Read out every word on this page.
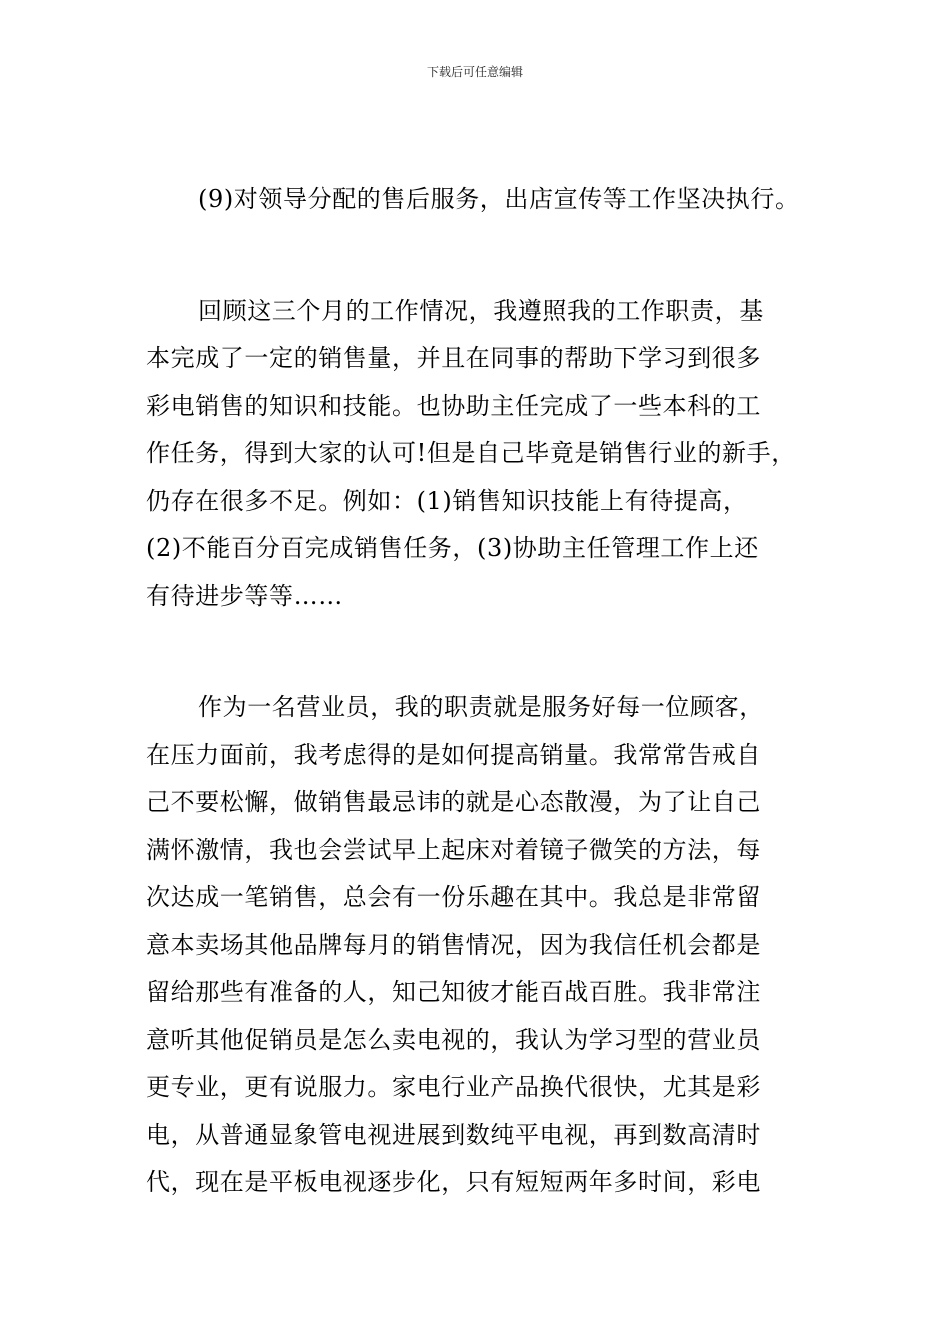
下载后可任意编辑
(9)对领导分配的售后服务，出店宣传等工作坚决执行。
回顾这三个月的工作情况，我遵照我的工作职责，基
本完成了一定的销售量，并且在同事的帮助下学习到很多
彩电销售的知识和技能。也协助主任完成了一些本科的工
作任务，得到大家的认可!但是自己毕竟是销售行业的新手，
仍存在很多不足。例如：(1)销售知识技能上有待提高，
(2)不能百分百完成销售任务，(3)协助主任管理工作上还
有待进步等等……
作为一名营业员，我的职责就是服务好每一位顾客，
在压力面前，我考虑得的是如何提高销量。我常常告戒自
己不要松懈，做销售最忌讳的就是心态散漫，为了让自己
满怀激情，我也会尝试早上起床对着镜子微笑的方法，每
次达成一笔销售，总会有一份乐趣在其中。我总是非常留
意本卖场其他品牌每月的销售情况，因为我信任机会都是
留给那些有准备的人，知己知彼才能百战百胜。我非常注
意听其他促销员是怎么卖电视的，我认为学习型的营业员
更专业，更有说服力。家电行业产品换代很快，尤其是彩
电，从普通显象管电视进展到数纯平电视，再到数高清时
代，现在是平板电视逐步化，只有短短两年多时间，彩电
